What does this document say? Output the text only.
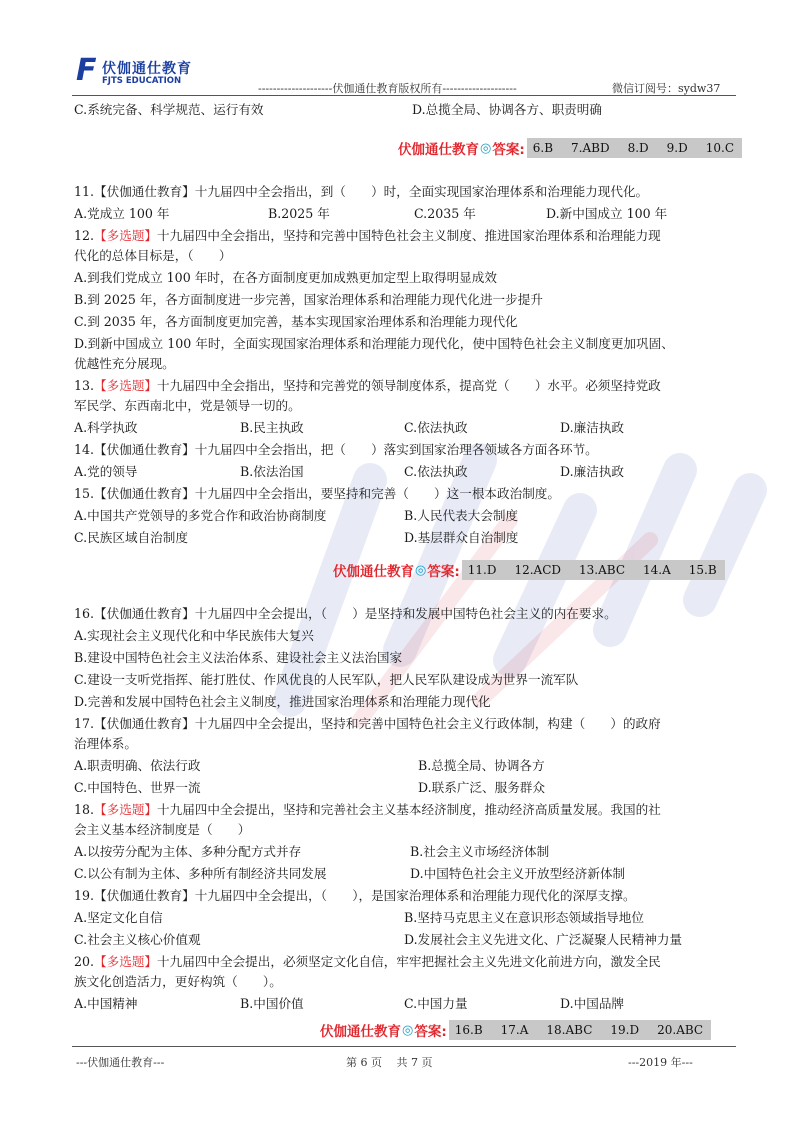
F 伏伽通仕教育
FJTS EDUCATION
--------------------伏伽通仕教育版权所有--------------------	微信订阅号：sydw37
C.系统完备、科学规范、运行有效	D.总揽全局、协调各方、职责明确
伏伽通仕教育 ◎ 答案: 6.B 7.ABD 8.D 9.D 10.C
11.【伏伽通仕教育】十九届四中全会指出，到（　　）时，全面实现国家治理体系和治理能力现代化。
A.党成立 100 年	B.2025 年	C.2035 年	D.新中国成立 100 年
12.【多选题】十九届四中全会指出，坚持和完善中国特色社会主义制度、推进国家治理体系和治理能力现
代化的总体目标是，（　　）
A.到我们党成立 100 年时，在各方面制度更加成熟更加定型上取得明显成效
B.到 2025 年，各方面制度进一步完善，国家治理体系和治理能力现代化进一步提升
C.到 2035 年，各方面制度更加完善，基本实现国家治理体系和治理能力现代化
D.到新中国成立 100 年时，全面实现国家治理体系和治理能力现代化，使中国特色社会主义制度更加巩固、
优越性充分展现。
13.【多选题】十九届四中全会指出，坚持和完善党的领导制度体系，提高党（　　）水平。必须坚持党政
军民学、东西南北中，党是领导一切的。
A.科学执政	B.民主执政	C.依法执政	D.廉洁执政
14.【伏伽通仕教育】十九届四中全会指出，把（　　）落实到国家治理各领域各方面各环节。
A.党的领导	B.依法治国	C.依法执政	D.廉洁执政
15.【伏伽通仕教育】十九届四中全会指出，要坚持和完善（　　）这一根本政治制度。
A.中国共产党领导的多党合作和政治协商制度	B.人民代表大会制度
C.民族区域自治制度	D.基层群众自治制度
伏伽通仕教育 ◎ 答案: 11.D 12.ACD 13.ABC 14.A 15.B
16.【伏伽通仕教育】十九届四中全会提出，（　　）是坚持和发展中国特色社会主义的内在要求。
A.实现社会主义现代化和中华民族伟大复兴
B.建设中国特色社会主义法治体系、建设社会主义法治国家
C.建设一支听党指挥、能打胜仗、作风优良的人民军队，把人民军队建设成为世界一流军队
D.完善和发展中国特色社会主义制度，推进国家治理体系和治理能力现代化
17.【伏伽通仕教育】十九届四中全会提出，坚持和完善中国特色社会主义行政体制，构建（　　）的政府
治理体系。
A.职责明确、依法行政	B.总揽全局、协调各方
C.中国特色、世界一流	D.联系广泛、服务群众
18.【多选题】十九届四中全会提出，坚持和完善社会主义基本经济制度，推动经济高质量发展。我国的社
会主义基本经济制度是（　　）
A.以按劳分配为主体、多种分配方式并存	B.社会主义市场经济体制
C.以公有制为主体、多种所有制经济共同发展	D.中国特色社会主义开放型经济新体制
19.【伏伽通仕教育】十九届四中全会提出，（　　），是国家治理体系和治理能力现代化的深厚支撑。
A.坚定文化自信	B.坚持马克思主义在意识形态领域指导地位
C.社会主义核心价值观	D.发展社会主义先进文化、广泛凝聚人民精神力量
20.【多选题】十九届四中全会提出，必须坚定文化自信，牢牢把握社会主义先进文化前进方向，激发全民
族文化创造活力，更好构筑（　　）。
A.中国精神	B.中国价值	C.中国力量	D.中国品牌
伏伽通仕教育 ◎ 答案: 16.B 17.A 18.ABC 19.D 20.ABC
---伏伽通仕教育---	第 6 页　 共 7 页	---2019 年---
